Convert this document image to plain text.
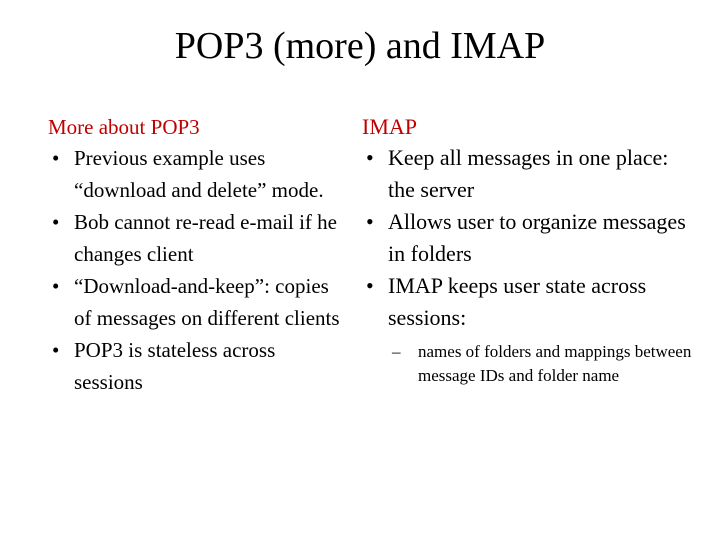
POP3 (more) and IMAP

More about POP3

• Previous example uses “download and delete” mode.
• Bob cannot re-read e-mail if he changes client
• “Download-and-keep”: copies of messages on different clients
• POP3 is stateless across sessions

IMAP

• Keep all messages in one place: the server
• Allows user to organize messages in folders
• IMAP keeps user state across sessions:
– names of folders and mappings between message IDs and folder name
